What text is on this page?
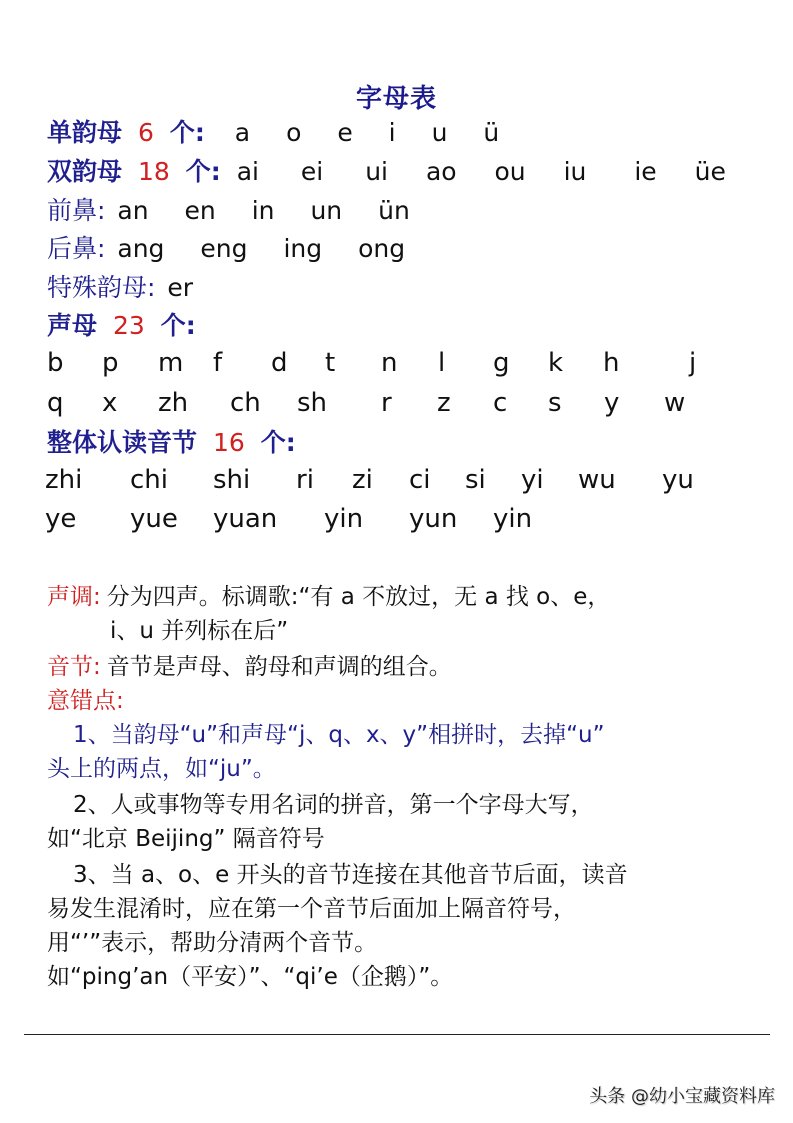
字母表
单韵母 6 个: a o e i u ü
双韵母 18 个: ai ei ui ao ou iu ie üe
前鼻: an en in un ün
后鼻: ang eng ing ong
特殊韵母: er
声母 23 个:
b p m f d t n l g k h	j
q x zh ch sh r z c s y w
整体认读音节 16 个:
zhi chi shi ri zi ci si yi wu yu
ye yue yuan yin yun yin
声调: 分为四声。标调歌:“有 a 不放过，无 a 找 o、e，
i、u 并列标在后”
音节: 音节是声母、韵母和声调的组合。
意错点:
1、当韵母“u”和声母“j、q、x、y”相拼时，去掉“u”
头上的两点，如“ju”。
2、人或事物等专用名词的拼音，第一个字母大写，
如“北京 Beijing” 隔音符号
3、当 a、o、e 开头的音节连接在其他音节后面，读音
易发生混淆时，应在第一个音节后面加上隔音符号，
用“’”表示，帮助分清两个音节。
如“ping’an（平安）”、“qi’e（企鹅）”。
头条 @幼小宝藏资料库
